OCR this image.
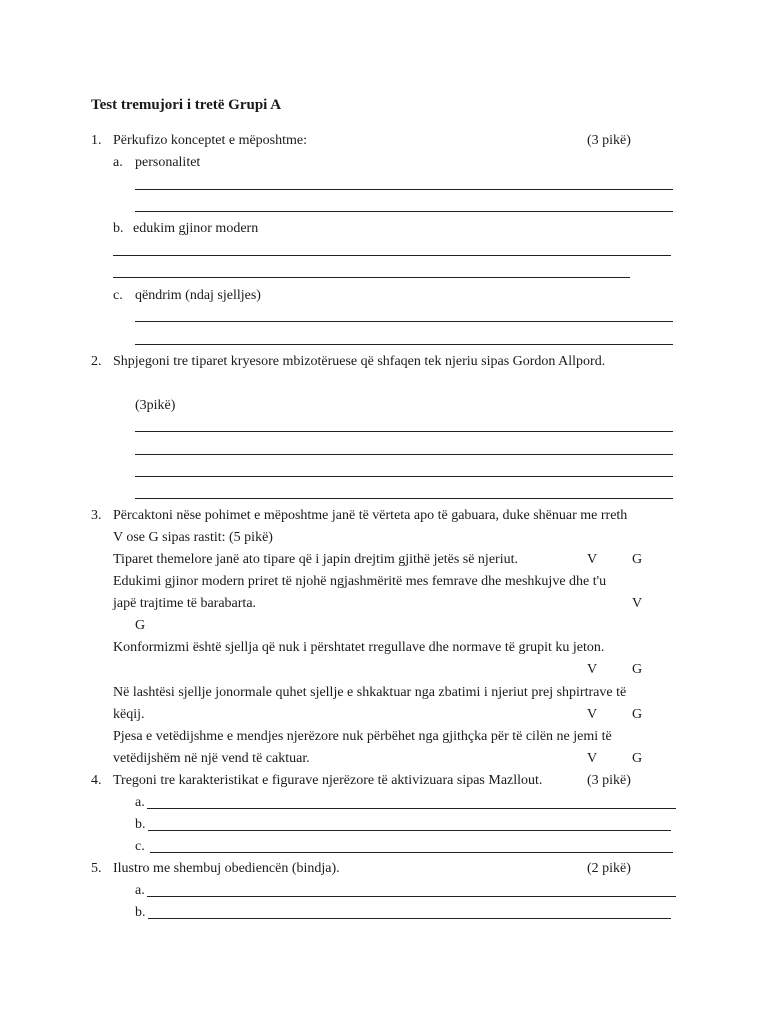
Test tremujori i tretë Grupi A
1. Përkufizo konceptet e mëposhtme:	(3 pikë)
a. personalitet
b. edukim gjinor modern
c. qëndrim (ndaj sjelljes)
2. Shpjegoni tre tiparet kryesore mbizotëruese që shfaqen tek njeriu sipas Gordon Allpord.
(3pikë)
3. Përcaktoni nëse pohimet e mëposhtme janë të vërteta apo të gabuara, duke shënuar me rreth
V ose G sipas rastit: (5 pikë)
Tiparet themelore janë ato tipare që i japin drejtim gjithë jetës së njeriut.	V G
Edukimi gjinor modern priret të njohë ngjashmëritë mes femrave dhe meshkujve dhe t'u
japë trajtime të barabarta.	V
G
Konformizmi është sjellja që nuk i përshtatet rregullave dhe normave të grupit ku jeton.
V G
Në lashtësi sjellje jonormale quhet sjellje e shkaktuar nga zbatimi i njeriut prej shpirtrave të
këqij.	V G
Pjesa e vetëdijshme e mendjes njerëzore nuk përbëhet nga gjithçka për të cilën ne jemi të
vetëdijshëm në një vend të caktuar.	V G
4. Tregoni tre karakteristikat e figurave njerëzore të aktivizuara sipas Mazllout.	(3 pikë)
a.
b.
c.
5. Ilustro me shembuj obediencën (bindja).	(2 pikë)
a.
b.
